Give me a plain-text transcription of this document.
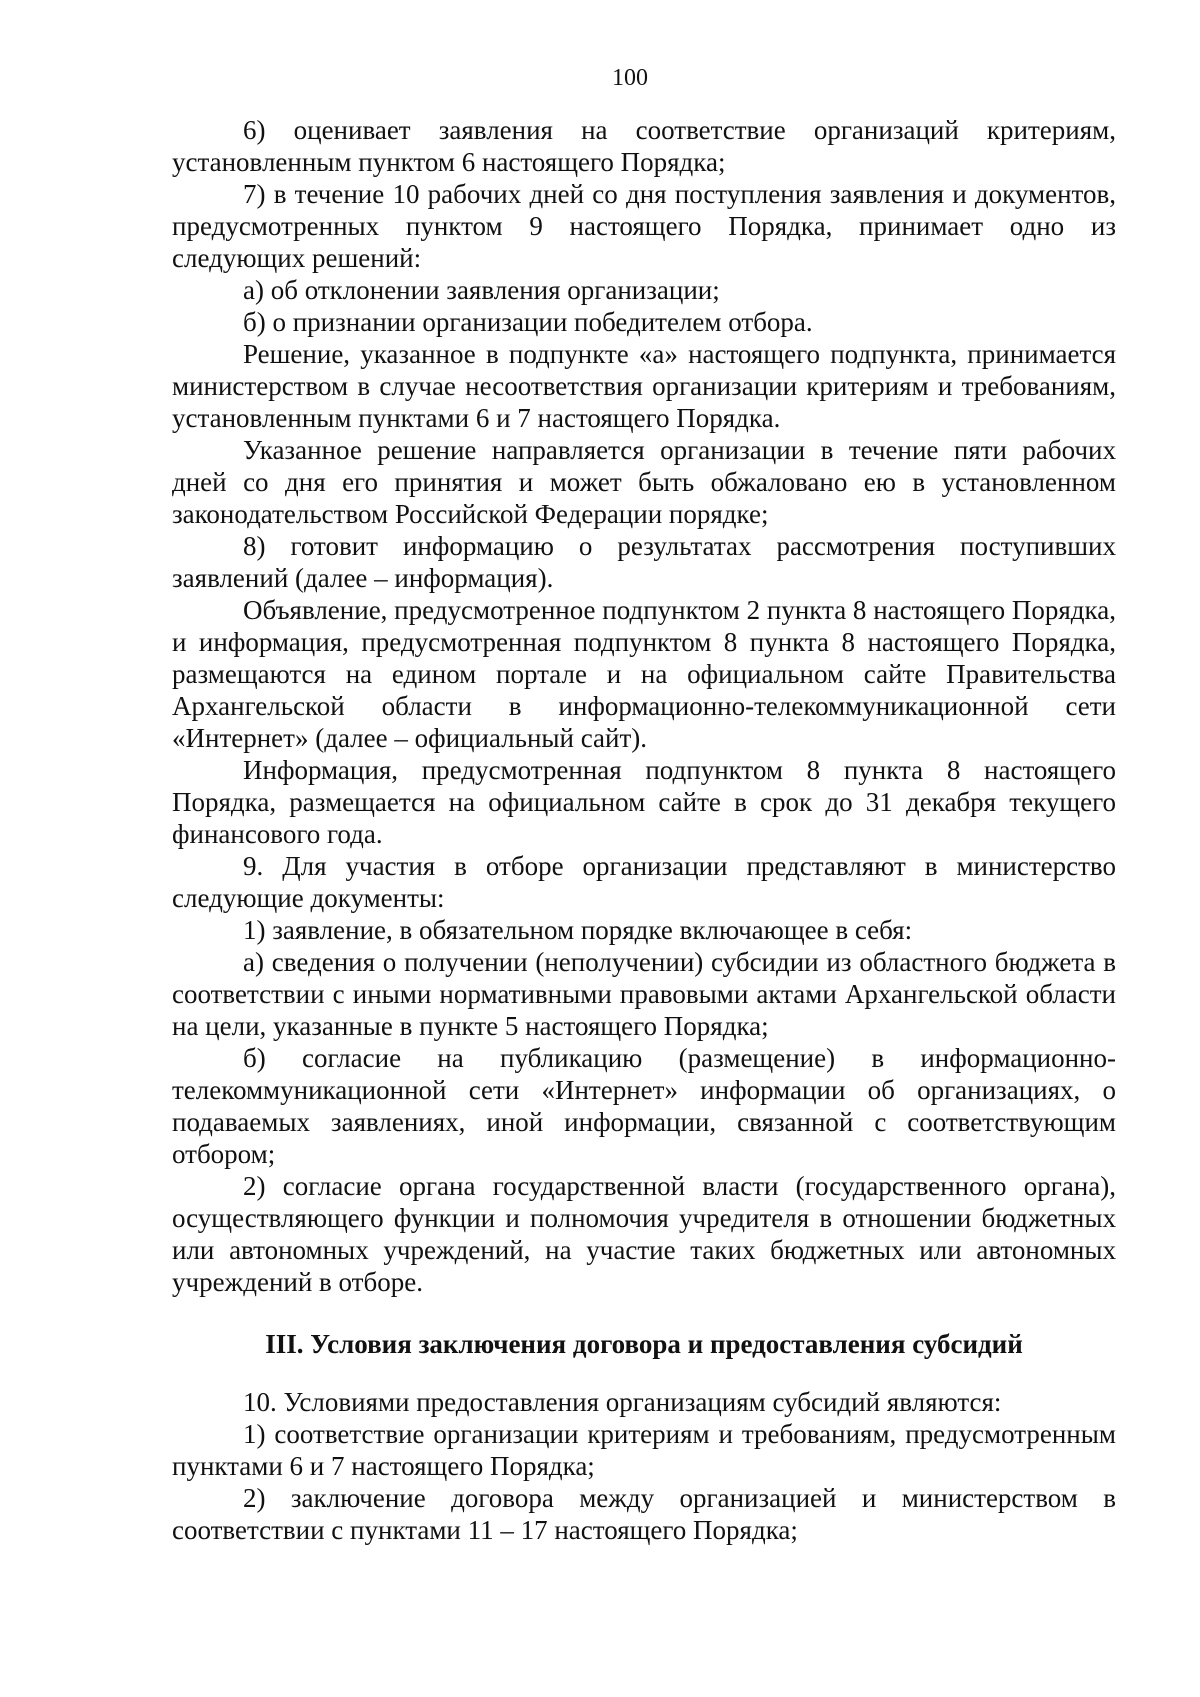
100

6) оценивает заявления на соответствие организаций критериям, установленным пунктом 6 настоящего Порядка;

7) в течение 10 рабочих дней со дня поступления заявления и документов, предусмотренных пунктом 9 настоящего Порядка, принимает одно из следующих решений:

а) об отклонении заявления организации;

б) о признании организации победителем отбора.

Решение, указанное в подпункте «а» настоящего подпункта, принимается министерством в случае несоответствия организации критериям и требованиям, установленным пунктами 6 и 7 настоящего Порядка.

Указанное решение направляется организации в течение пяти рабочих дней со дня его принятия и может быть обжаловано ею в установленном законодательством Российской Федерации порядке;

8) готовит информацию о результатах рассмотрения поступивших заявлений (далее – информация).

Объявление, предусмотренное подпунктом 2 пункта 8 настоящего Порядка, и информация, предусмотренная подпунктом 8 пункта 8 настоящего Порядка, размещаются на едином портале и на официальном сайте Правительства Архангельской области в информационно-телекоммуникационной сети «Интернет» (далее – официальный сайт).

Информация, предусмотренная подпунктом 8 пункта 8 настоящего Порядка, размещается на официальном сайте в срок до 31 декабря текущего финансового года.

9. Для участия в отборе организации представляют в министерство следующие документы:

1) заявление, в обязательном порядке включающее в себя:

а) сведения о получении (неполучении) субсидии из областного бюджета в соответствии с иными нормативными правовыми актами Архангельской области на цели, указанные в пункте 5 настоящего Порядка;

б) согласие на публикацию (размещение) в информационно-телекоммуникационной сети «Интернет» информации об организациях, о подаваемых заявлениях, иной информации, связанной с соответствующим отбором;

2) согласие органа государственной власти (государственного органа), осуществляющего функции и полномочия учредителя в отношении бюджетных или автономных учреждений, на участие таких бюджетных или автономных учреждений в отборе.

III. Условия заключения договора и предоставления субсидий

10. Условиями предоставления организациям субсидий являются:

1) соответствие организации критериям и требованиям, предусмотренным пунктами 6 и 7 настоящего Порядка;

2) заключение договора между организацией и министерством в соответствии с пунктами 11 – 17 настоящего Порядка;
